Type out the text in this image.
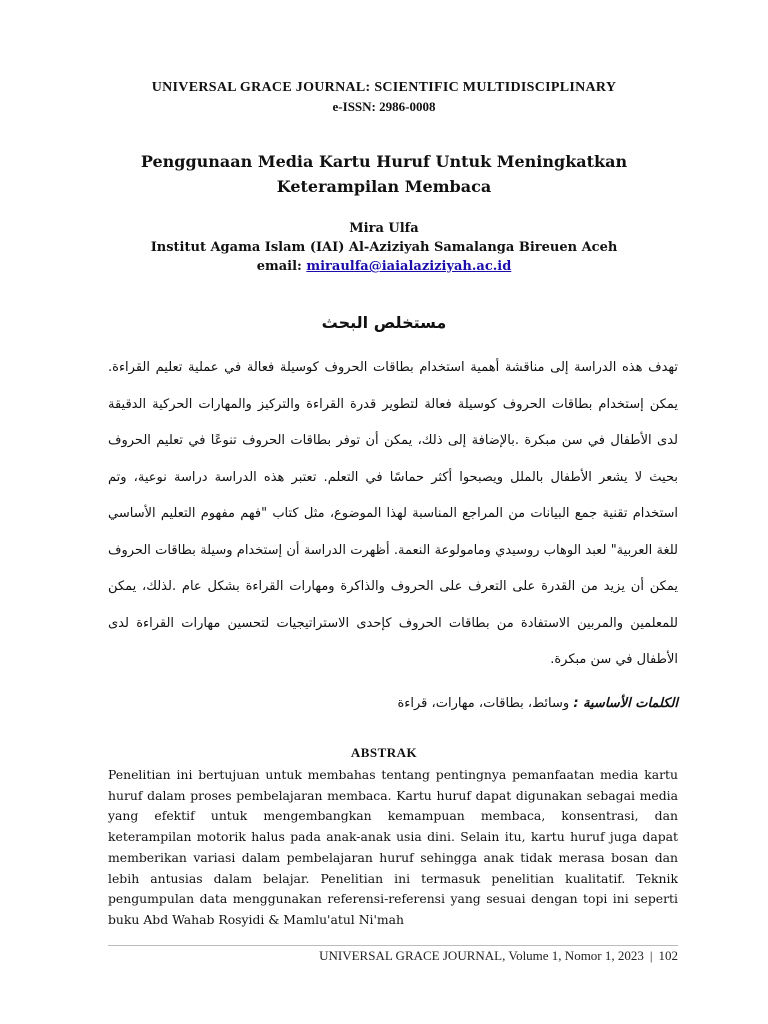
UNIVERSAL GRACE JOURNAL: SCIENTIFIC MULTIDISCIPLINARY
e-ISSN: 2986-0008
Penggunaan Media Kartu Huruf Untuk Meningkatkan
Keterampilan Membaca
Mira Ulfa
Institut Agama Islam (IAI) Al-Aziziyah Samalanga Bireuen Aceh
email: miraulfa@iaialaziziyah.ac.id
مستخلص البحث
تهدف هذه الدراسة إلى مناقشة أهمية استخدام بطاقات الحروف كوسيلة فعالة في عملية تعليم القراءة. يمكن إستخدام بطاقات الحروف كوسيلة فعالة لتطوير قدرة القراءة والتركيز والمهارات الحركية الدقيقة لدى الأطفال في سن مبكرة .بالإضافة إلى ذلك، يمكن أن توفر بطاقات الحروف تنوعًا في تعليم الحروف بحيث لا يشعر الأطفال بالملل ويصبحوا أكثر حماسًا في التعلم. تعتبر هذه الدراسة دراسة نوعية، وتم استخدام تقنية جمع البيانات من المراجع المناسبة لهذا الموضوع، مثل كتاب "فهم مفهوم التعليم الأساسي للغة العربية" لعبد الوهاب روسيدي ومامولوعة النعمة. أظهرت الدراسة أن إستخدام وسيلة بطاقات الحروف يمكن أن يزيد من القدرة على التعرف على الحروف والذاكرة ومهارات القراءة بشكل عام .لذلك، يمكن للمعلمين والمربين الاستفادة من بطاقات الحروف كإحدى الاستراتيجيات لتحسين مهارات القراءة لدى الأطفال في سن مبكرة.
الكلمات الأساسية : وسائط، بطاقات، مهارات، قراءة
ABSTRAK
Penelitian ini bertujuan untuk membahas tentang pentingnya pemanfaatan media kartu huruf dalam proses pembelajaran membaca. Kartu huruf dapat digunakan sebagai media yang efektif untuk mengembangkan kemampuan membaca, konsentrasi, dan keterampilan motorik halus pada anak-anak usia dini. Selain itu, kartu huruf juga dapat memberikan variasi dalam pembelajaran huruf sehingga anak tidak merasa bosan dan lebih antusias dalam belajar. Penelitian ini termasuk penelitian kualitatif. Teknik pengumpulan data menggunakan referensi-referensi yang sesuai dengan topi ini seperti buku Abd Wahab Rosyidi & Mamlu'atul Ni'mah
UNIVERSAL GRACE JOURNAL, Volume 1, Nomor 1, 2023 | 102
